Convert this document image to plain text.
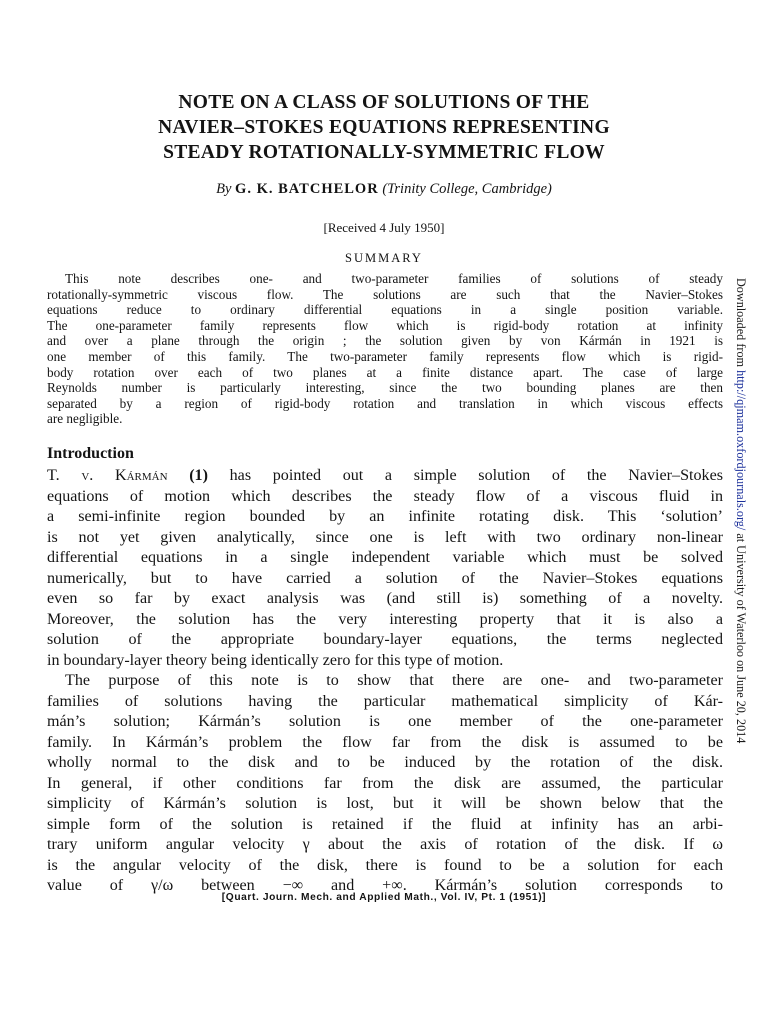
NOTE ON A CLASS OF SOLUTIONS OF THE
NAVIER–STOKES EQUATIONS REPRESENTING
STEADY ROTATIONALLY-SYMMETRIC FLOW
By G. K. BATCHELOR (Trinity College, Cambridge)
[Received 4 July 1950]
SUMMARY
This note describes one- and two-parameter families of solutions of steady
rotationally-symmetric viscous flow. The solutions are such that the Navier–Stokes
equations reduce to ordinary differential equations in a single position variable.
The one-parameter family represents flow which is rigid-body rotation at infinity
and over a plane through the origin ; the solution given by von Kármán in 1921 is
one member of this family. The two-parameter family represents flow which is rigid-
body rotation over each of two planes at a finite distance apart. The case of large
Reynolds number is particularly interesting, since the two bounding planes are then
separated by a region of rigid-body rotation and translation in which viscous effects
are negligible.
Introduction
T. v. Kármán (1) has pointed out a simple solution of the Navier–Stokes
equations of motion which describes the steady flow of a viscous fluid in
a semi-infinite region bounded by an infinite rotating disk. This ‘solution’
is not yet given analytically, since one is left with two ordinary non-linear
differential equations in a single independent variable which must be solved
numerically, but to have carried a solution of the Navier–Stokes equations
even so far by exact analysis was (and still is) something of a novelty.
Moreover, the solution has the very interesting property that it is also a
solution of the appropriate boundary-layer equations, the terms neglected
in boundary-layer theory being identically zero for this type of motion.
The purpose of this note is to show that there are one- and two-parameter
families of solutions having the particular mathematical simplicity of Kár-
mán’s solution; Kármán’s solution is one member of the one-parameter
family. In Kármán’s problem the flow far from the disk is assumed to be
wholly normal to the disk and to be induced by the rotation of the disk.
In general, if other conditions far from the disk are assumed, the particular
simplicity of Kármán’s solution is lost, but it will be shown below that the
simple form of the solution is retained if the fluid at infinity has an arbi-
trary uniform angular velocity γ about the axis of rotation of the disk. If ω
is the angular velocity of the disk, there is found to be a solution for each
value of γ/ω between −∞ and +∞. Kármán’s solution corresponds to
[Quart. Journ. Mech. and Applied Math., Vol. IV, Pt. 1 (1951)]
Downloaded from http://qjmam.oxfordjournals.org/ at University of Waterloo on June 20, 2014
